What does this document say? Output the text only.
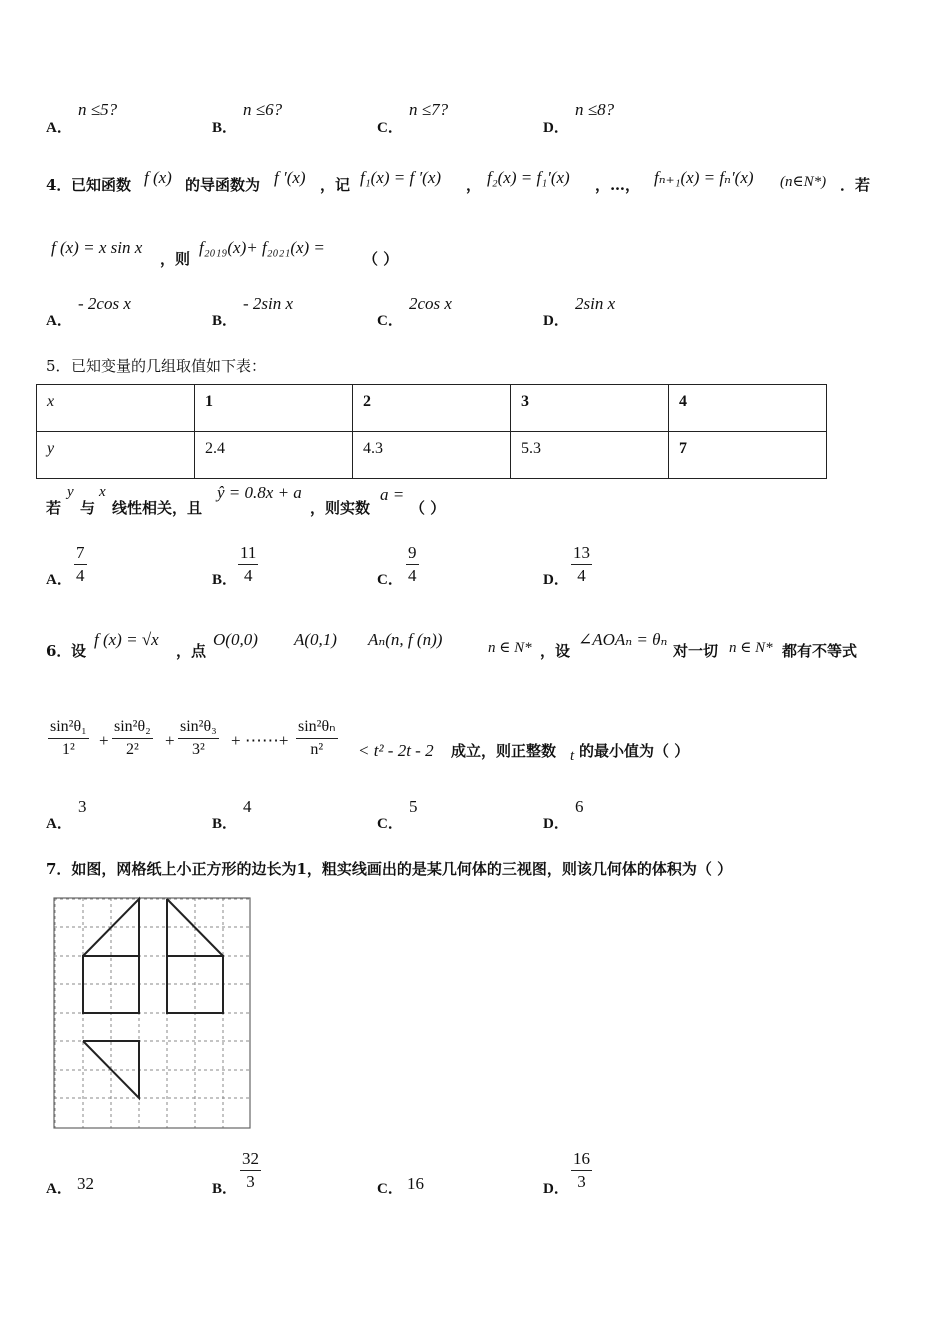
A．
n ≤5?
B．
n ≤6?
C．
n ≤7?
D．
n ≤8?
4． 已知函数 f (x) 的导函数为 f ′(x) ，记 f₁(x) = f ′(x) ， f₂(x) = f₁′(x) ，…， fₙ₊₁(x) = fₙ′(x) (n∈N*) ．若
f (x) = x sin x
，则
f₂₀₁₉(x)+ f₂₀₂₁(x) =
（ ）
A．
- 2cos x
B．
- 2sin x
C．
2cos x
D．
2sin x
5． 已知变量的几组取值如下表：
x	1	2	3	4
y	2.4	4.3	5.3	7
若
y
与
x
线性相关，且
ŷ = 0.8x + a
，则实数
a =
（ ）
A．
7
4	B．
11
4	C．
9
4	D．
13
4
6． 设
f (x) = √x
，点
O(0,0) A(0,1) Aₙ(n, f (n))	n ∈ N* ，设
∠AOAₙ = θₙ
对一切 n ∈ N* 都有不等式
sin²θ₁
1² +
sin²θ₂
2² +
sin²θ₃
3² + ⋯⋯+
sin²θₙ
n² < t² - 2t - 2 成立，则正整数 t 的最小值为（ ）
A．
3
B．
4
C．
5
D．
6
7．如图，网格纸上小正方形的边长为1，粗实线画出的是某几何体的三视图，则该几何体的体积为（ ）
A． 32	B．
32
3	C． 16	D．
16
3
